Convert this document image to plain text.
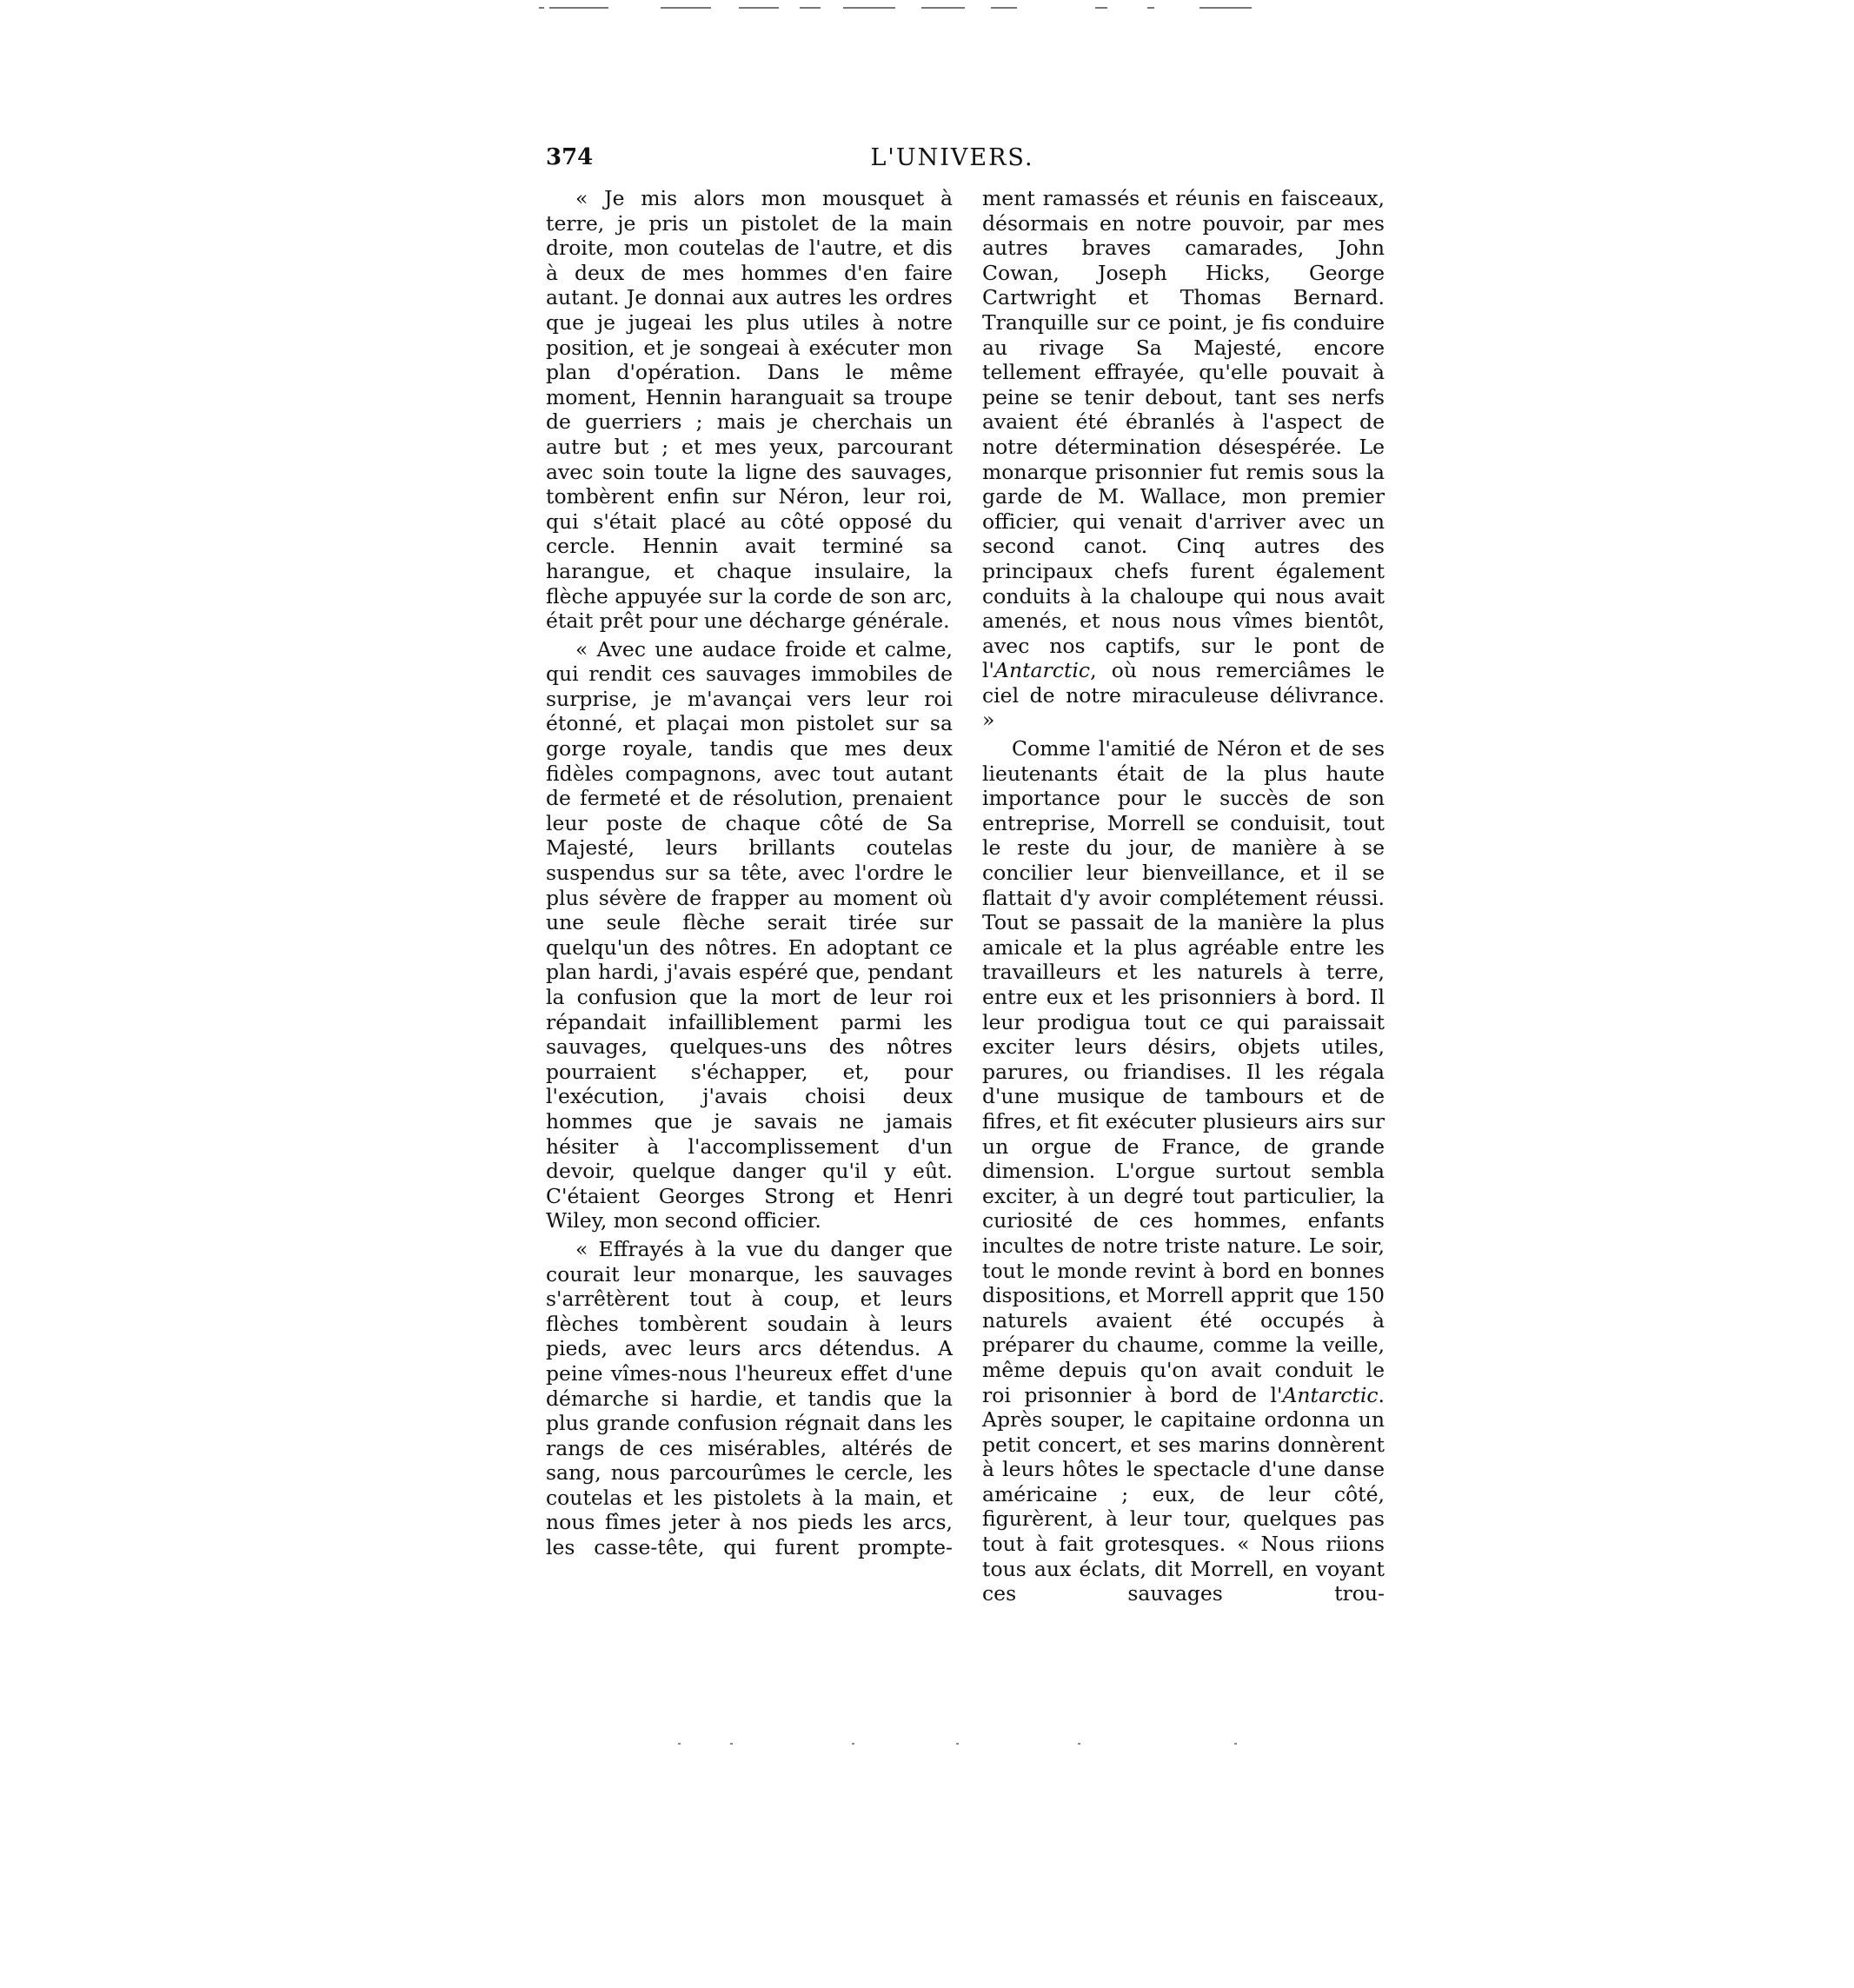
374	L'UNIVERS.

« Je mis alors mon mousquet à terre, je pris un pistolet de la main droite, mon coutelas de l'autre, et dis à deux de mes hommes d'en faire autant. Je donnai aux autres les ordres que je jugeai les plus utiles à notre position, et je songeai à exécuter mon plan d'opération. Dans le même moment, Hennin haranguait sa troupe de guerriers ; mais je cherchais un autre but ; et mes yeux, parcourant avec soin toute la ligne des sauvages, tombèrent enfin sur Néron, leur roi, qui s'était placé au côté opposé du cercle. Hennin avait terminé sa harangue, et chaque insulaire, la flèche appuyée sur la corde de son arc, était prêt pour une décharge générale.

« Avec une audace froide et calme, qui rendit ces sauvages immobiles de surprise, je m'avançai vers leur roi étonné, et plaçai mon pistolet sur sa gorge royale, tandis que mes deux fidèles compagnons, avec tout autant de fermeté et de résolution, prenaient leur poste de chaque côté de Sa Majesté, leurs brillants coutelas suspendus sur sa tête, avec l'ordre le plus sévère de frapper au moment où une seule flèche serait tirée sur quelqu'un des nôtres. En adoptant ce plan hardi, j'avais espéré que, pendant la confusion que la mort de leur roi répandait infailliblement parmi les sauvages, quelques-uns des nôtres pourraient s'échapper, et, pour l'exécution, j'avais choisi deux hommes que je savais ne jamais hésiter à l'accomplissement d'un devoir, quelque danger qu'il y eût. C'étaient Georges Strong et Henri Wiley, mon second officier.

« Effrayés à la vue du danger que courait leur monarque, les sauvages s'arrêtèrent tout à coup, et leurs flèches tombèrent soudain à leurs pieds, avec leurs arcs détendus. A peine vîmes-nous l'heureux effet d'une démarche si hardie, et tandis que la plus grande confusion régnait dans les rangs de ces misérables, altérés de sang, nous parcourûmes le cercle, les coutelas et les pistolets à la main, et nous fîmes jeter à nos pieds les arcs, les casse-tête, qui furent prompte-

ment ramassés et réunis en faisceaux, désormais en notre pouvoir, par mes autres braves camarades, John Cowan, Joseph Hicks, George Cartwright et Thomas Bernard. Tranquille sur ce point, je fis conduire au rivage Sa Majesté, encore tellement effrayée, qu'elle pouvait à peine se tenir debout, tant ses nerfs avaient été ébranlés à l'aspect de notre détermination désespérée. Le monarque prisonnier fut remis sous la garde de M. Wallace, mon premier officier, qui venait d'arriver avec un second canot. Cinq autres des principaux chefs furent également conduits à la chaloupe qui nous avait amenés, et nous nous vîmes bientôt, avec nos captifs, sur le pont de l'Antarctic, où nous remerciâmes le ciel de notre miraculeuse délivrance. »

Comme l'amitié de Néron et de ses lieutenants était de la plus haute importance pour le succès de son entreprise, Morrell se conduisit, tout le reste du jour, de manière à se concilier leur bienveillance, et il se flattait d'y avoir complétement réussi. Tout se passait de la manière la plus amicale et la plus agréable entre les travailleurs et les naturels à terre, entre eux et les prisonniers à bord. Il leur prodigua tout ce qui paraissait exciter leurs désirs, objets utiles, parures, ou friandises. Il les régala d'une musique de tambours et de fifres, et fit exécuter plusieurs airs sur un orgue de France, de grande dimension. L'orgue surtout sembla exciter, à un degré tout particulier, la curiosité de ces hommes, enfants incultes de notre triste nature. Le soir, tout le monde revint à bord en bonnes dispositions, et Morrell apprit que 150 naturels avaient été occupés à préparer du chaume, comme la veille, même depuis qu'on avait conduit le roi prisonnier à bord de l'Antarctic. Après souper, le capitaine ordonna un petit concert, et ses marins donnèrent à leurs hôtes le spectacle d'une danse américaine ; eux, de leur côté, figurèrent, à leur tour, quelques pas tout à fait grotesques. « Nous riions tous aux éclats, dit Morrell, en voyant ces sauvages trou-
